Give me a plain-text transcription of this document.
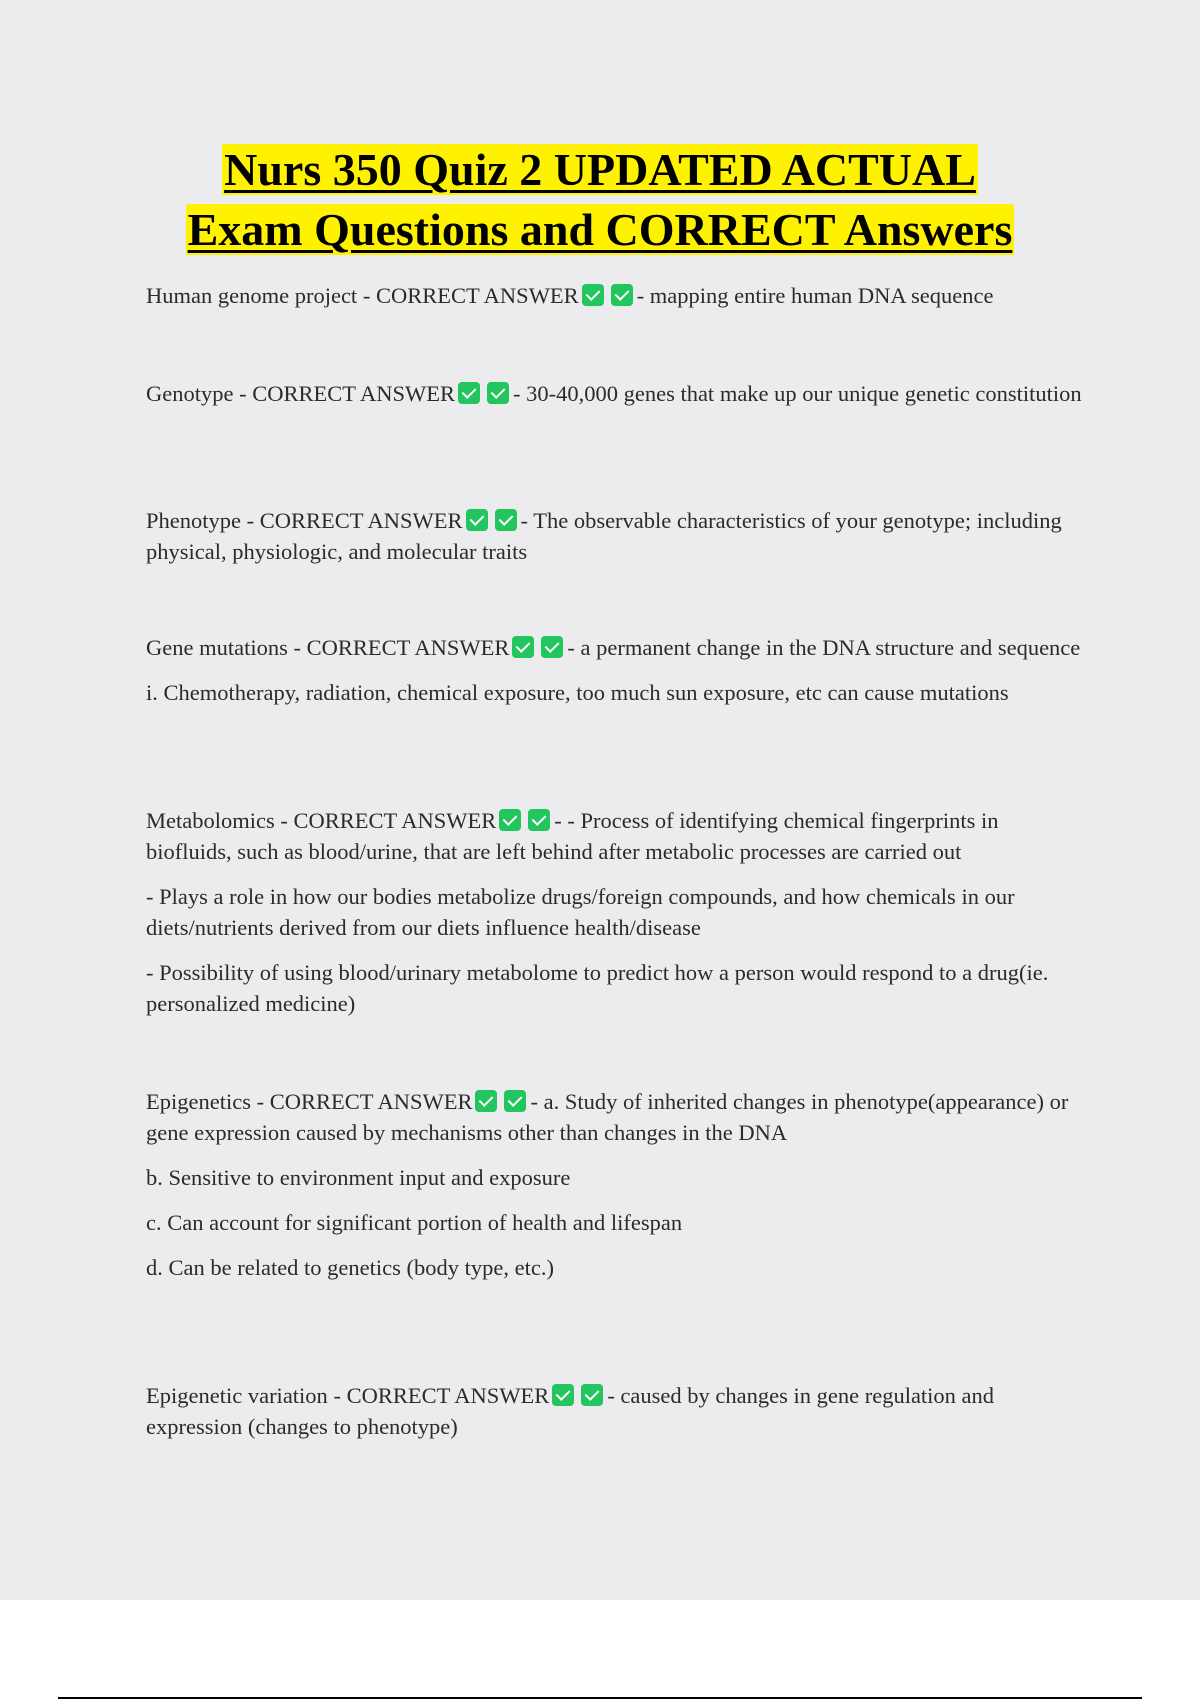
Nurs 350 Quiz 2 UPDATED ACTUAL
Exam Questions and CORRECT Answers

Human genome project - CORRECT ANSWER	- mapping entire human DNA sequence

Genotype - CORRECT ANSWER	- 30-40,000 genes that make up our unique genetic constitution

Phenotype - CORRECT ANSWER	- The observable characteristics of your genotype; including physical, physiologic, and molecular traits

Gene mutations - CORRECT ANSWER	- a permanent change in the DNA structure and sequence

i. Chemotherapy, radiation, chemical exposure, too much sun exposure, etc can cause mutations

Metabolomics - CORRECT ANSWER	- - Process of identifying chemical fingerprints in biofluids, such as blood/urine, that are left behind after metabolic processes are carried out

- Plays a role in how our bodies metabolize drugs/foreign compounds, and how chemicals in our diets/nutrients derived from our diets influence health/disease

- Possibility of using blood/urinary metabolome to predict how a person would respond to a drug(ie. personalized medicine)

Epigenetics - CORRECT ANSWER	- a. Study of inherited changes in phenotype(appearance) or gene expression caused by mechanisms other than changes in the DNA

b. Sensitive to environment input and exposure

c. Can account for significant portion of health and lifespan

d. Can be related to genetics (body type, etc.)

Epigenetic variation - CORRECT ANSWER	- caused by changes in gene regulation and expression (changes to phenotype)
